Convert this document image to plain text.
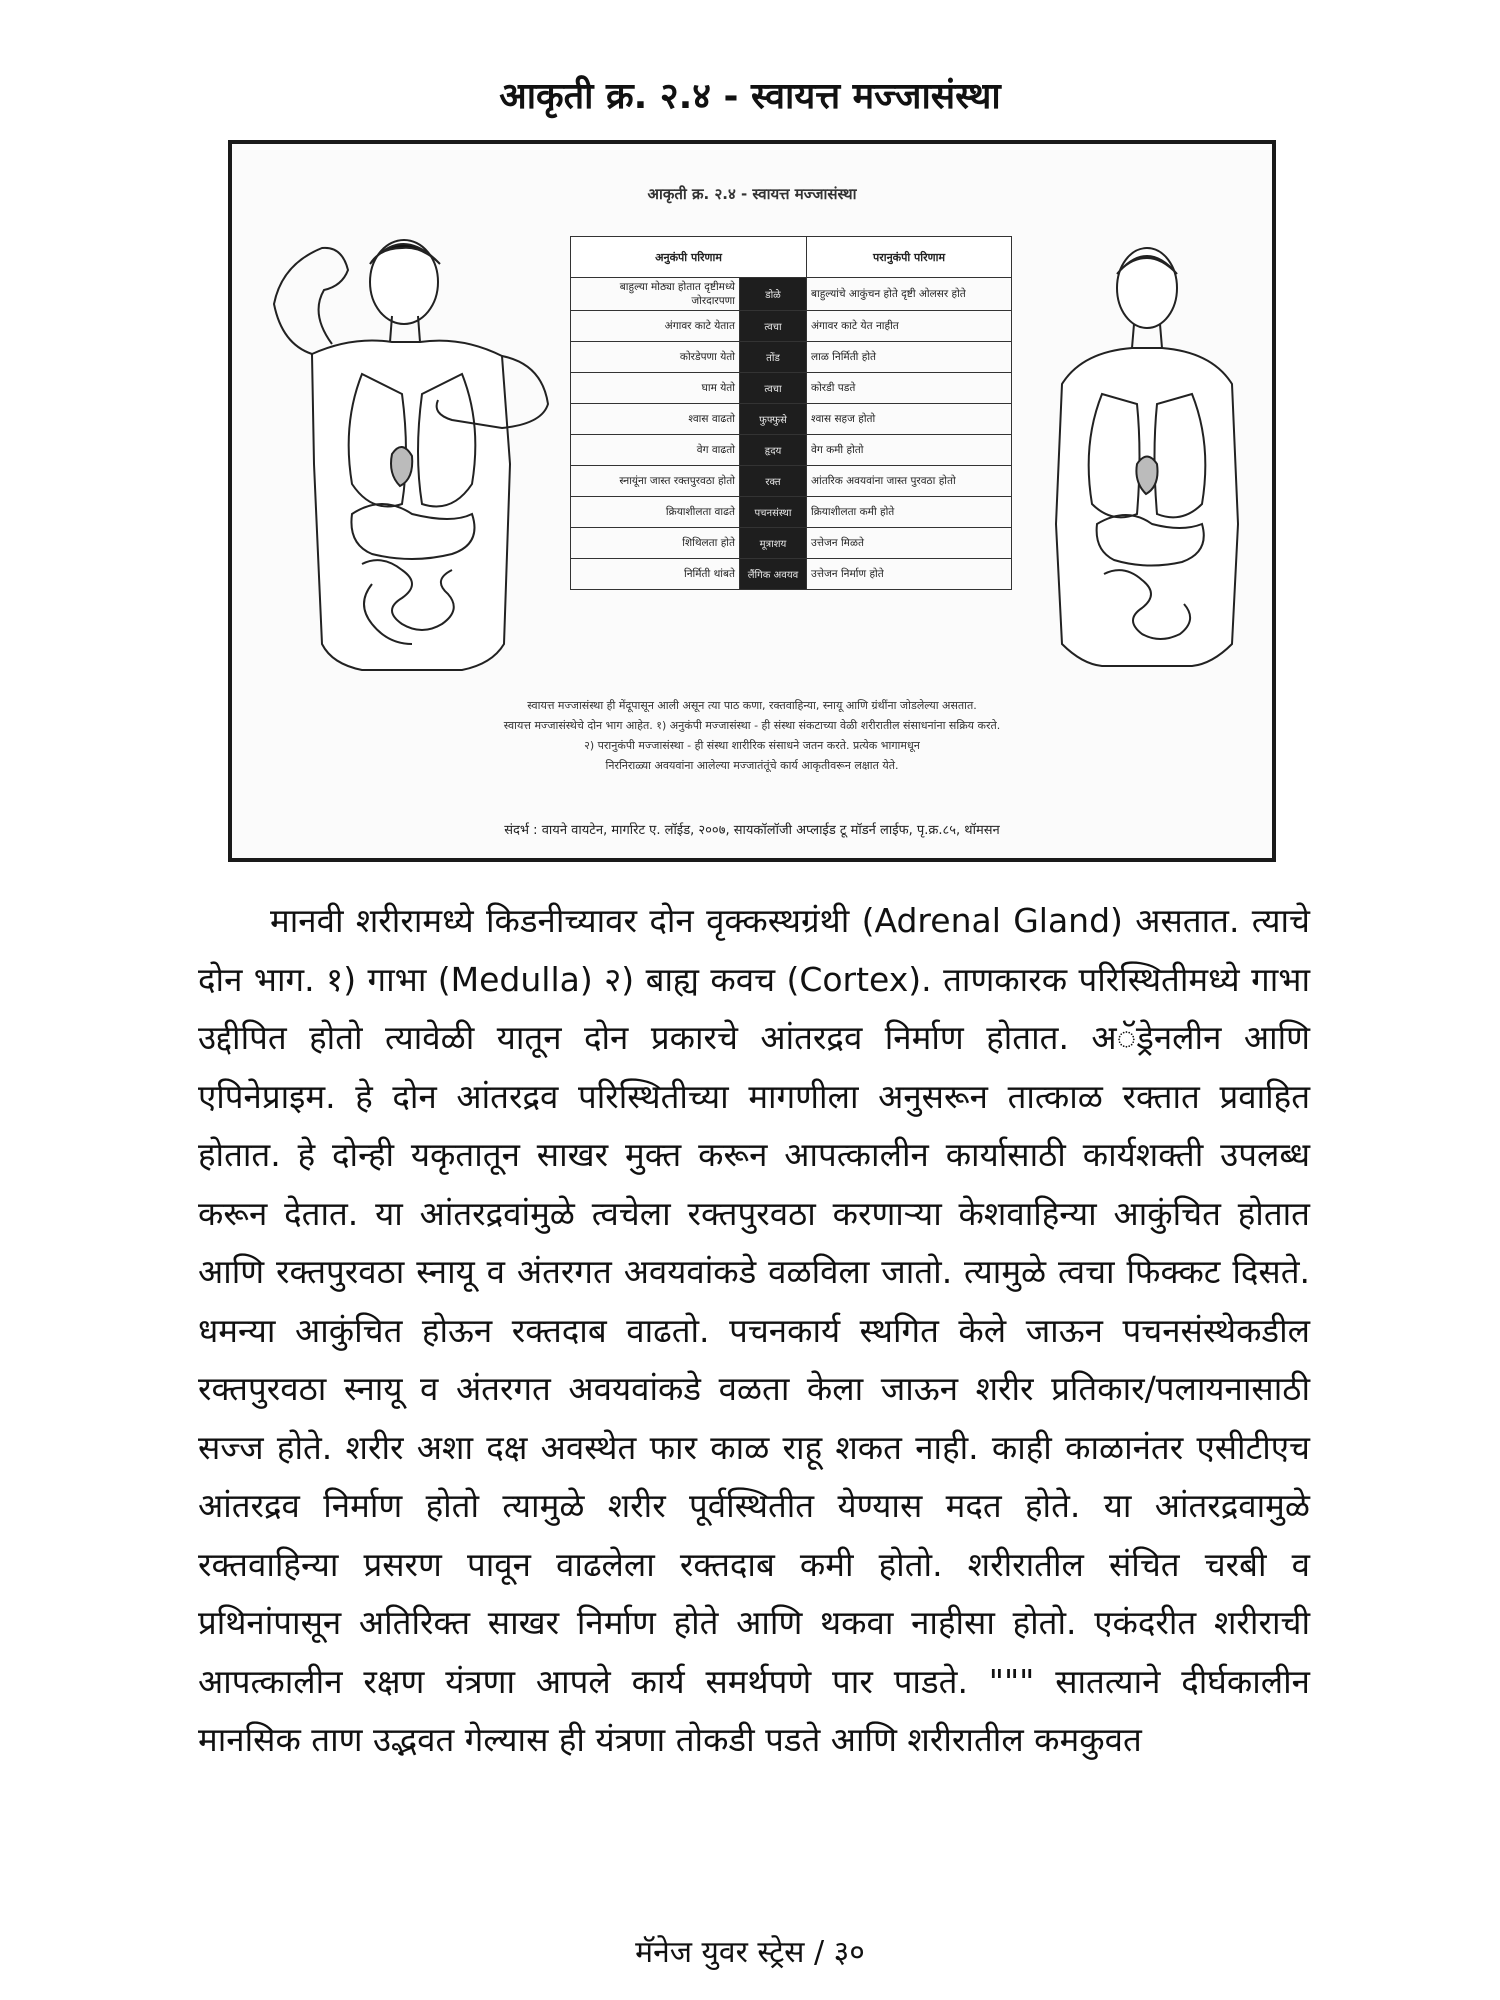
आकृती क्र. २.४ - स्वायत्त मज्जासंस्था
आकृती क्र. २.४ - स्वायत्त मज्जासंस्था
अनुकंपी परिणाम		परानुकंपी परिणाम
बाहुल्या मोठ्या होतात दृष्टीमध्ये जोरदारपणा	डोळे	बाहुल्यांचे आकुंचन होते दृष्टी ओलसर होते
अंगावर काटे येतात	त्वचा	अंगावर काटे येत नाहीत
कोरडेपणा येतो	तोंड	लाळ निर्मिती होते
घाम येतो	त्वचा	कोरडी पडते
श्वास वाढतो	फुफ्फुसे	श्वास सहज होतो
वेग वाढतो	हृदय	वेग कमी होतो
स्नायूंना जास्त रक्तपुरवठा होतो	रक्त	आंतरिक अवयवांना जास्त पुरवठा होतो
क्रियाशीलता वाढते	पचनसंस्था	क्रियाशीलता कमी होते
शिथिलता होते	मूत्राशय	उत्तेजन मिळते
निर्मिती थांबते	लैंगिक अवयव	उत्तेजन निर्माण होते
स्वायत्त मज्जासंस्था ही मेंदूपासून आली असून त्या पाठ कणा, रक्तवाहिन्या, स्नायू आणि ग्रंथींना जोडलेल्या असतात.
स्वायत्त मज्जासंस्थेचे दोन भाग आहेत. १) अनुकंपी मज्जासंस्था - ही संस्था संकटाच्या वेळी शरीरातील संसाधनांना सक्रिय करते.
२) परानुकंपी मज्जासंस्था - ही संस्था शारीरिक संसाधने जतन करते. प्रत्येक भागामधून
निरनिराळ्या अवयवांना आलेल्या मज्जातंतूंचे कार्य आकृतीवरून लक्षात येते.
संदर्भ : वायने वायटेन, मार्गारेट ए. लॉईड, २००७, सायकॉलॉजी अप्लाईड टू मॉडर्न लाईफ, पृ.क्र.८५, थॉमसन
मानवी शरीरामध्ये किडनीच्यावर दोन वृक्कस्थग्रंथी (Adrenal Gland) असतात. त्याचे दोन भाग. १) गाभा (Medulla) २) बाह्य कवच (Cortex). ताणकारक परिस्थितीमध्ये गाभा उद्दीपित होतो त्यावेळी यातून दोन प्रकारचे आंतरद्रव निर्माण होतात. अॅड्रेनलीन आणि एपिनेप्राइम. हे दोन आंतरद्रव परिस्थितीच्या मागणीला अनुसरून तात्काळ रक्तात प्रवाहित होतात. हे दोन्ही यकृतातून साखर मुक्त करून आपत्कालीन कार्यासाठी कार्यशक्ती उपलब्ध करून देतात. या आंतरद्रवांमुळे त्वचेला रक्तपुरवठा करणाऱ्या केशवाहिन्या आकुंचित होतात आणि रक्तपुरवठा स्नायू व अंतरगत अवयवांकडे वळविला जातो. त्यामुळे त्वचा फिक्कट दिसते. धमन्या आकुंचित होऊन रक्तदाब वाढतो. पचनकार्य स्थगित केले जाऊन पचनसंस्थेकडील रक्तपुरवठा स्नायू व अंतरगत अवयवांकडे वळता केला जाऊन शरीर प्रतिकार/पलायनासाठी सज्ज होते. शरीर अशा दक्ष अवस्थेत फार काळ राहू शकत नाही. काही काळानंतर एसीटीएच आंतरद्रव निर्माण होतो त्यामुळे शरीर पूर्वस्थितीत येण्यास मदत होते. या आंतरद्रवामुळे रक्तवाहिन्या प्रसरण पावून वाढलेला रक्तदाब कमी होतो. शरीरातील संचित चरबी व प्रथिनांपासून अतिरिक्त साखर निर्माण होते आणि थकवा नाहीसा होतो. एकंदरीत शरीराची आपत्कालीन रक्षण यंत्रणा आपले कार्य समर्थपणे पार पाडते. """ सातत्याने दीर्घकालीन मानसिक ताण उद्भवत गेल्यास ही यंत्रणा तोकडी पडते आणि शरीरातील कमकुवत
मॅनेज युवर स्ट्रेस / ३०
